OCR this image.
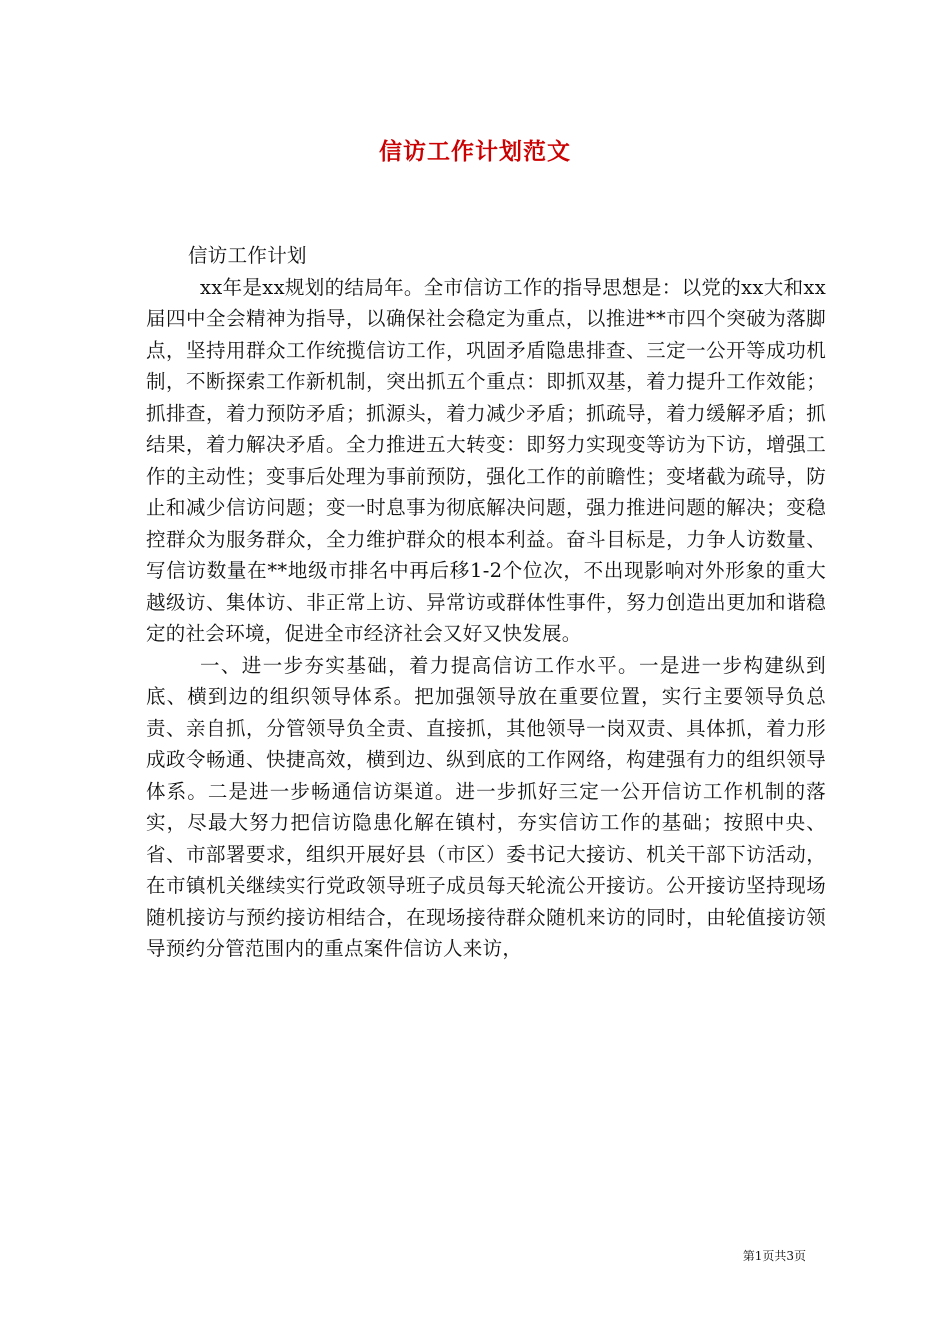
信访工作计划范文

信访工作计划

xx年是xx规划的结局年。全市信访工作的指导思想是：以党的xx大和xx届四中全会精神为指导，以确保社会稳定为重点，以推进**市四个突破为落脚点，坚持用群众工作统揽信访工作，巩固矛盾隐患排查、三定一公开等成功机制，不断探索工作新机制，突出抓五个重点：即抓双基，着力提升工作效能；抓排查，着力预防矛盾；抓源头，着力减少矛盾；抓疏导，着力缓解矛盾；抓结果，着力解决矛盾。全力推进五大转变：即努力实现变等访为下访，增强工作的主动性；变事后处理为事前预防，强化工作的前瞻性；变堵截为疏导，防止和减少信访问题；变一时息事为彻底解决问题，强力推进问题的解决；变稳控群众为服务群众，全力维护群众的根本利益。奋斗目标是，力争人访数量、写信访数量在**地级市排名中再后移1-2个位次，不出现影响对外形象的重大越级访、集体访、非正常上访、异常访或群体性事件，努力创造出更加和谐稳定的社会环境，促进全市经济社会又好又快发展。

一、进一步夯实基础，着力提高信访工作水平。一是进一步构建纵到底、横到边的组织领导体系。把加强领导放在重要位置，实行主要领导负总责、亲自抓，分管领导负全责、直接抓，其他领导一岗双责、具体抓，着力形成政令畅通、快捷高效，横到边、纵到底的工作网络，构建强有力的组织领导体系。二是进一步畅通信访渠道。进一步抓好三定一公开信访工作机制的落实，尽最大努力把信访隐患化解在镇村，夯实信访工作的基础；按照中央、省、市部署要求，组织开展好县（市区）委书记大接访、机关干部下访活动，在市镇机关继续实行党政领导班子成员每天轮流公开接访。公开接访坚持现场随机接访与预约接访相结合，在现场接待群众随机来访的同时，由轮值接访领导预约分管范围内的重点案件信访人来访，

第1页共3页
